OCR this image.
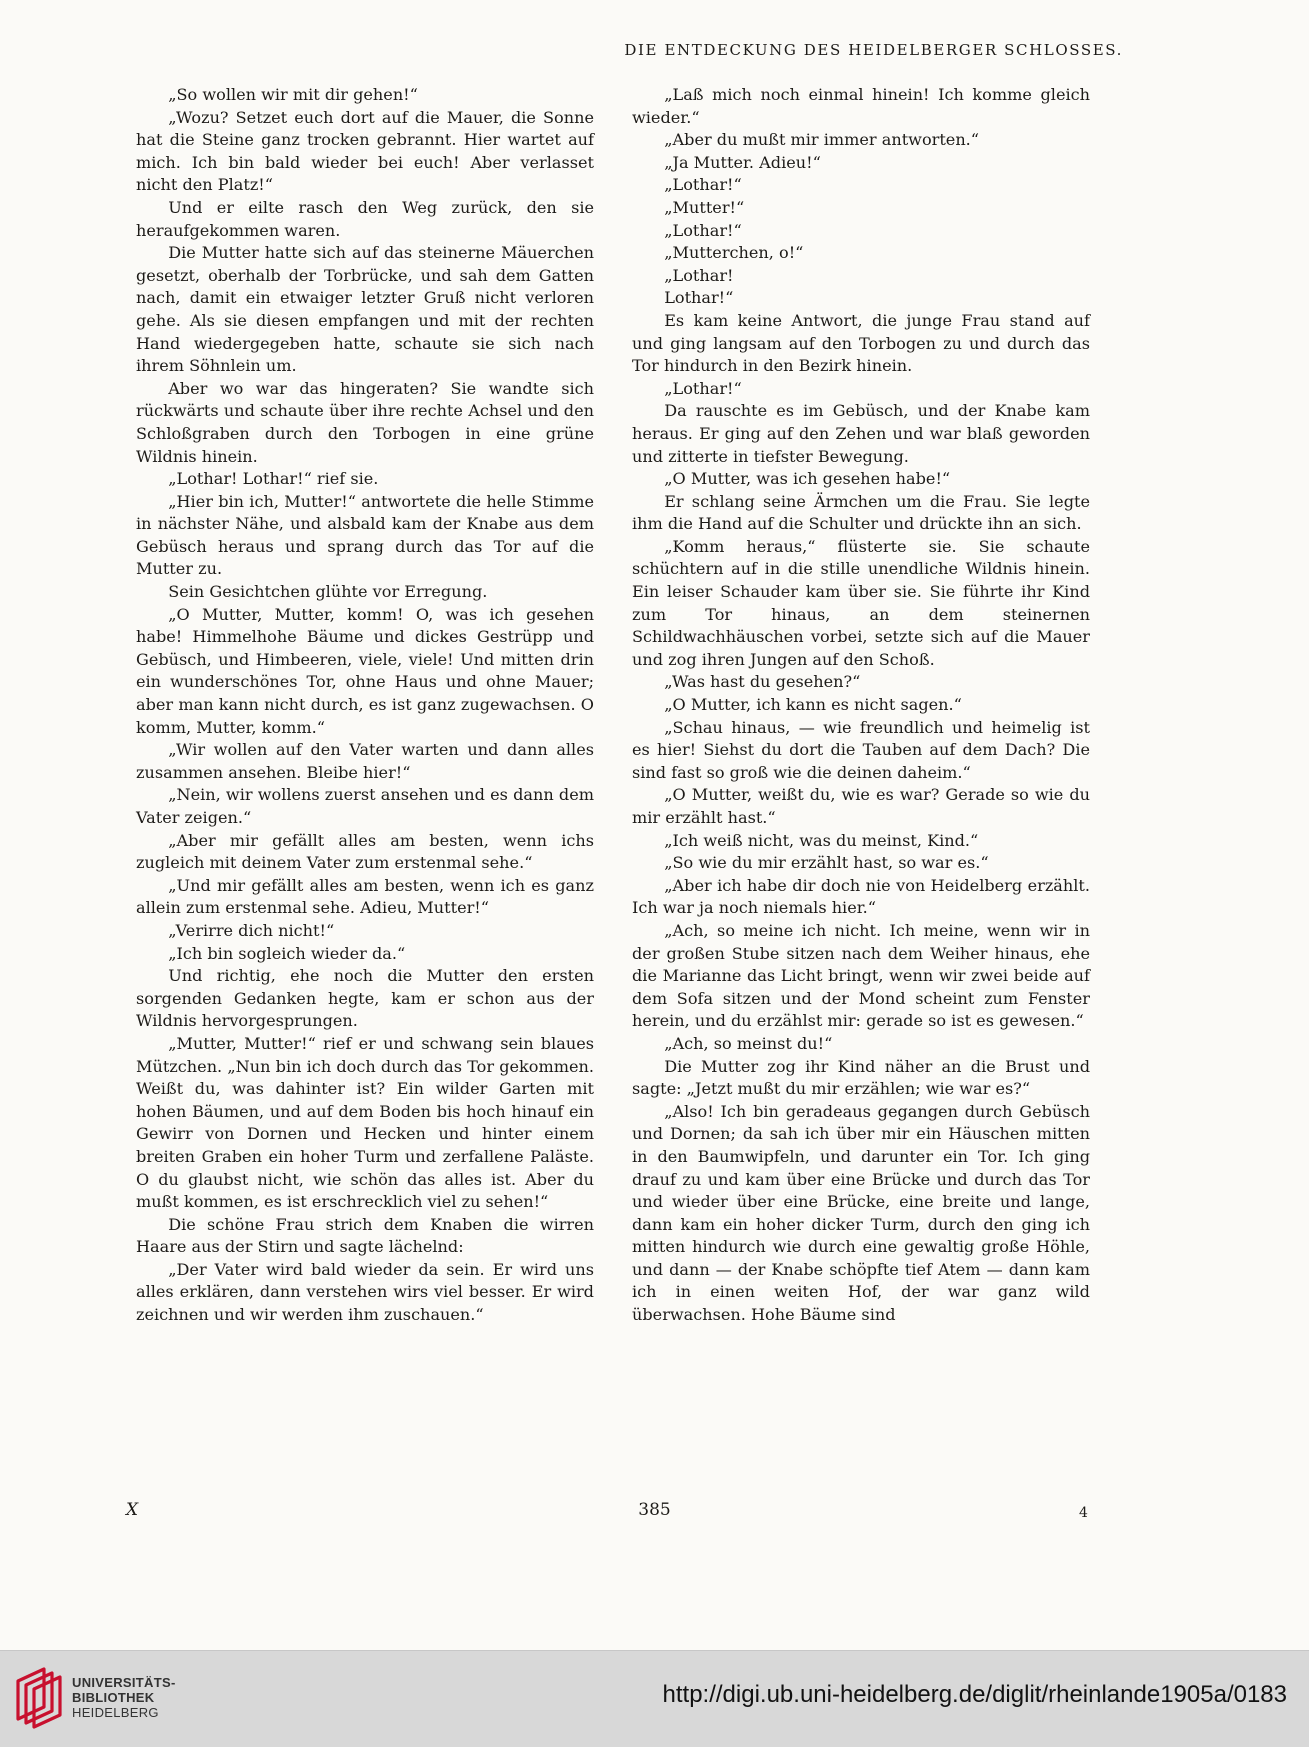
DIE ENTDECKUNG DES HEIDELBERGER SCHLOSSES.

„So wollen wir mit dir gehen!“

„Wozu? Setzet euch dort auf die Mauer, die Sonne hat die Steine ganz trocken gebrannt. Hier wartet auf mich. Ich bin bald wieder bei euch! Aber verlasset nicht den Platz!“

Und er eilte rasch den Weg zurück, den sie heraufgekommen waren.

Die Mutter hatte sich auf das steinerne Mäuerchen gesetzt, oberhalb der Torbrücke, und sah dem Gatten nach, damit ein etwaiger letzter Gruß nicht verloren gehe. Als sie diesen empfangen und mit der rechten Hand wiedergegeben hatte, schaute sie sich nach ihrem Söhnlein um.

Aber wo war das hingeraten? Sie wandte sich rückwärts und schaute über ihre rechte Achsel und den Schloßgraben durch den Torbogen in eine grüne Wildnis hinein.

„Lothar! Lothar!“ rief sie.

„Hier bin ich, Mutter!“ antwortete die helle Stimme in nächster Nähe, und alsbald kam der Knabe aus dem Gebüsch heraus und sprang durch das Tor auf die Mutter zu.

Sein Gesichtchen glühte vor Erregung.

„O Mutter, Mutter, komm! O, was ich gesehen habe! Himmelhohe Bäume und dickes Gestrüpp und Gebüsch, und Himbeeren, viele, viele! Und mitten drin ein wunderschönes Tor, ohne Haus und ohne Mauer; aber man kann nicht durch, es ist ganz zugewachsen. O komm, Mutter, komm.“

„Wir wollen auf den Vater warten und dann alles zusammen ansehen. Bleibe hier!“

„Nein, wir wollens zuerst ansehen und es dann dem Vater zeigen.“

„Aber mir gefällt alles am besten, wenn ichs zugleich mit deinem Vater zum erstenmal sehe.“

„Und mir gefällt alles am besten, wenn ich es ganz allein zum erstenmal sehe. Adieu, Mutter!“

„Verirre dich nicht!“

„Ich bin sogleich wieder da.“

Und richtig, ehe noch die Mutter den ersten sorgenden Gedanken hegte, kam er schon aus der Wildnis hervorgesprungen.

„Mutter, Mutter!“ rief er und schwang sein blaues Mützchen. „Nun bin ich doch durch das Tor gekommen. Weißt du, was dahinter ist? Ein wilder Garten mit hohen Bäumen, und auf dem Boden bis hoch hinauf ein Gewirr von Dornen und Hecken und hinter einem breiten Graben ein hoher Turm und zerfallene Paläste. O du glaubst nicht, wie schön das alles ist. Aber du mußt kommen, es ist erschrecklich viel zu sehen!“

Die schöne Frau strich dem Knaben die wirren Haare aus der Stirn und sagte lächelnd:

„Der Vater wird bald wieder da sein. Er wird uns alles erklären, dann verstehen wirs viel besser. Er wird zeichnen und wir werden ihm zuschauen.“

„Laß mich noch einmal hinein! Ich komme gleich wieder.“

„Aber du mußt mir immer antworten.“

„Ja Mutter. Adieu!“

„Lothar!“

„Mutter!“

„Lothar!“

„Mutterchen, o!“

„Lothar!

Lothar!“

Es kam keine Antwort, die junge Frau stand auf und ging langsam auf den Torbogen zu und durch das Tor hindurch in den Bezirk hinein.

„Lothar!“

Da rauschte es im Gebüsch, und der Knabe kam heraus. Er ging auf den Zehen und war blaß geworden und zitterte in tiefster Bewegung.

„O Mutter, was ich gesehen habe!“

Er schlang seine Ärmchen um die Frau. Sie legte ihm die Hand auf die Schulter und drückte ihn an sich.

„Komm heraus,“ flüsterte sie. Sie schaute schüchtern auf in die stille unendliche Wildnis hinein. Ein leiser Schauder kam über sie. Sie führte ihr Kind zum Tor hinaus, an dem steinernen Schildwachhäuschen vorbei, setzte sich auf die Mauer und zog ihren Jungen auf den Schoß.

„Was hast du gesehen?“

„O Mutter, ich kann es nicht sagen.“

„Schau hinaus, — wie freundlich und heimelig ist es hier! Siehst du dort die Tauben auf dem Dach? Die sind fast so groß wie die deinen daheim.“

„O Mutter, weißt du, wie es war? Gerade so wie du mir erzählt hast.“

„Ich weiß nicht, was du meinst, Kind.“

„So wie du mir erzählt hast, so war es.“

„Aber ich habe dir doch nie von Heidelberg erzählt. Ich war ja noch niemals hier.“

„Ach, so meine ich nicht. Ich meine, wenn wir in der großen Stube sitzen nach dem Weiher hinaus, ehe die Marianne das Licht bringt, wenn wir zwei beide auf dem Sofa sitzen und der Mond scheint zum Fenster herein, und du erzählst mir: gerade so ist es gewesen.“

„Ach, so meinst du!“

Die Mutter zog ihr Kind näher an die Brust und sagte: „Jetzt mußt du mir erzählen; wie war es?“

„Also! Ich bin geradeaus gegangen durch Gebüsch und Dornen; da sah ich über mir ein Häuschen mitten in den Baumwipfeln, und darunter ein Tor. Ich ging drauf zu und kam über eine Brücke und durch das Tor und wieder über eine Brücke, eine breite und lange, dann kam ein hoher dicker Turm, durch den ging ich mitten hindurch wie durch eine gewaltig große Höhle, und dann — der Knabe schöpfte tief Atem — dann kam ich in einen weiten Hof, der war ganz wild überwachsen. Hohe Bäume sind

X	385	4
UNIVERSITÄTS-
BIBLIOTHEK
HEIDELBERG
http://digi.ub.uni-heidelberg.de/diglit/rheinlande1905a/0183
